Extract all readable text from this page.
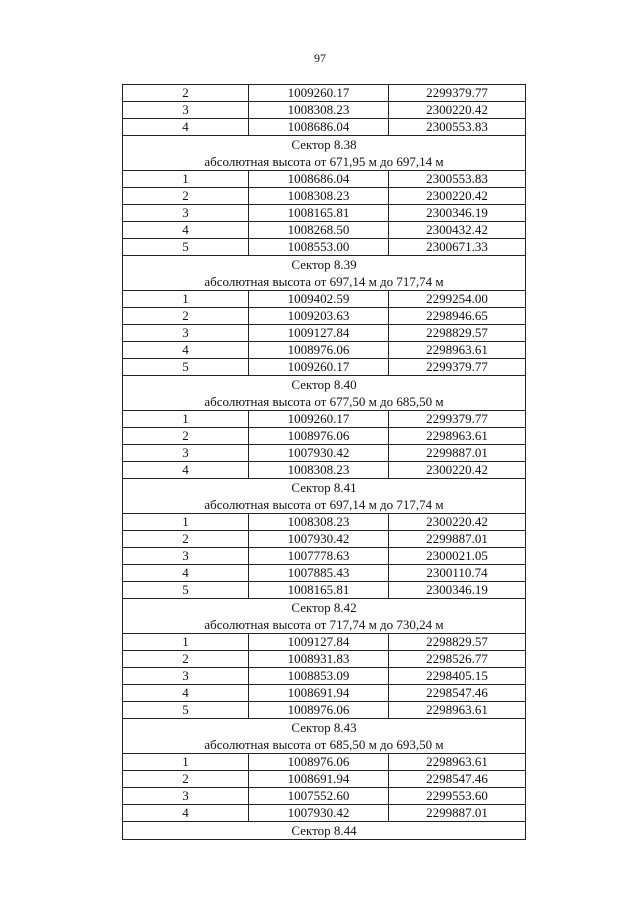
97
2	1009260.17	2299379.77
3	1008308.23	2300220.42
4	1008686.04	2300553.83
Сектор 8.38		
абсолютная высота от 671,95 м до 697,14 м		
1	1008686.04	2300553.83
2	1008308.23	2300220.42
3	1008165.81	2300346.19
4	1008268.50	2300432.42
5	1008553.00	2300671.33
Сектор 8.39		
абсолютная высота от 697,14 м до 717,74 м		
1	1009402.59	2299254.00
2	1009203.63	2298946.65
3	1009127.84	2298829.57
4	1008976.06	2298963.61
5	1009260.17	2299379.77
Сектор 8.40		
абсолютная высота от 677,50 м до 685,50 м		
1	1009260.17	2299379.77
2	1008976.06	2298963.61
3	1007930.42	2299887.01
4	1008308.23	2300220.42
Сектор 8.41		
абсолютная высота от 697,14 м до 717,74 м		
1	1008308.23	2300220.42
2	1007930.42	2299887.01
3	1007778.63	2300021.05
4	1007885.43	2300110.74
5	1008165.81	2300346.19
Сектор 8.42		
абсолютная высота от 717,74 м до 730,24 м		
1	1009127.84	2298829.57
2	1008931.83	2298526.77
3	1008853.09	2298405.15
4	1008691.94	2298547.46
5	1008976.06	2298963.61
Сектор 8.43		
абсолютная высота от 685,50 м до 693,50 м		
1	1008976.06	2298963.61
2	1008691.94	2298547.46
3	1007552.60	2299553.60
4	1007930.42	2299887.01
Сектор 8.44		
